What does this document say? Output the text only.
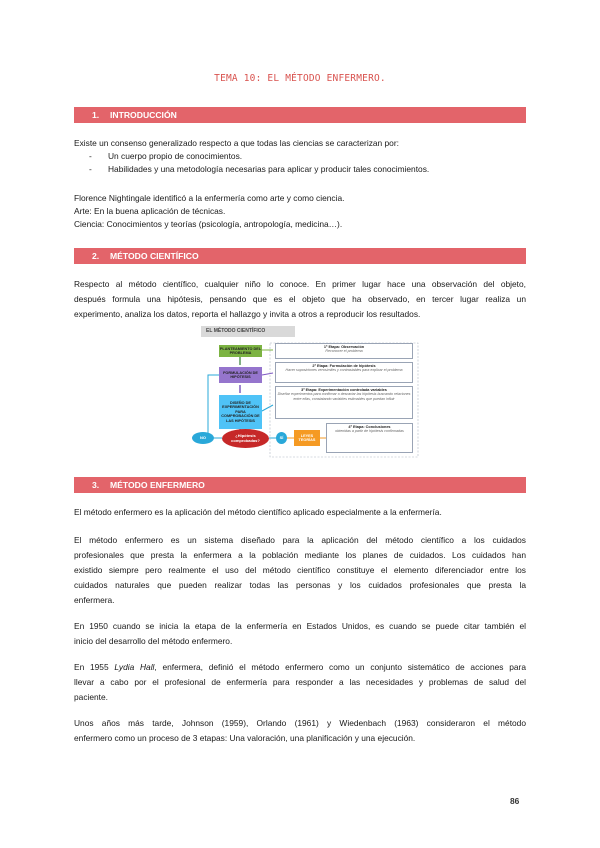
TEMA 10: EL MÉTODO ENFERMERO.
1. INTRODUCCIÓN
Existe un consenso generalizado respecto a que todas las ciencias se caracterizan por:
- Un cuerpo propio de conocimientos.
- Habilidades y una metodología necesarias para aplicar y producir tales conocimientos.
Florence Nightingale identificó a la enfermería como arte y como ciencia.
Arte: En la buena aplicación de técnicas.
Ciencia: Conocimientos y teorías (psicología, antropología, medicina…).
2. MÉTODO CIENTÍFICO
Respecto al método científico, cualquier niño lo conoce. En primer lugar hace una observación del objeto,
después formula una hipótesis, pensando que es el objeto que ha observado, en tercer lugar realiza un
experimento, analiza los datos, reporta el hallazgo y invita a otros a reproducir los resultados.
EL MÉTODO CIENTÍFICO
PLANTEAMIENTO DEL PROBLEMA
FORMULACIÓN DE HIPÓTESIS
DISEÑO DE EXPERIMENTACIÓN PARA COMPROBACIÓN DE LAS HIPÓTESIS
1ª Etapa: Observación
Reconocer el problema
2ª Etapa: Formulación de hipótesis
Hacer suposiciones verosímiles y contrastables para explicar el problema
3ª Etapa: Experimentación controlada variables
Diseñar experimentos para confirmar o descartar las hipótesis buscando relaciones entre ellas, constatando variables estimables que puedan influir
4ª Etapa: Conclusiones
obtenidas a partir de hipótesis confirmadas
NO	¿Hipótesis comprobadas?
SÍ	LEYES TEORÍAS
3. MÉTODO ENFERMERO
El método enfermero es la aplicación del método científico aplicado especialmente a la enfermería.
El método enfermero es un sistema diseñado para la aplicación del método científico a los cuidados
profesionales que presta la enfermera a la población mediante los planes de cuidados. Los cuidados han
existido siempre pero realmente el uso del método científico constituye el elemento diferenciador entre los
cuidados naturales que pueden realizar todas las personas y los cuidados profesionales que presta la
enfermera.
En 1950 cuando se inicia la etapa de la enfermería en Estados Unidos, es cuando se puede citar también el
inicio del desarrollo del método enfermero.
En 1955 Lydia Hall, enfermera, definió el método enfermero como un conjunto sistemático de acciones para
llevar a cabo por el profesional de enfermería para responder a las necesidades y problemas de salud del
paciente.
Unos años más tarde, Johnson (1959), Orlando (1961) y Wiedenbach (1963) consideraron el método
enfermero como un proceso de 3 etapas: Una valoración, una planificación y una ejecución.
86
